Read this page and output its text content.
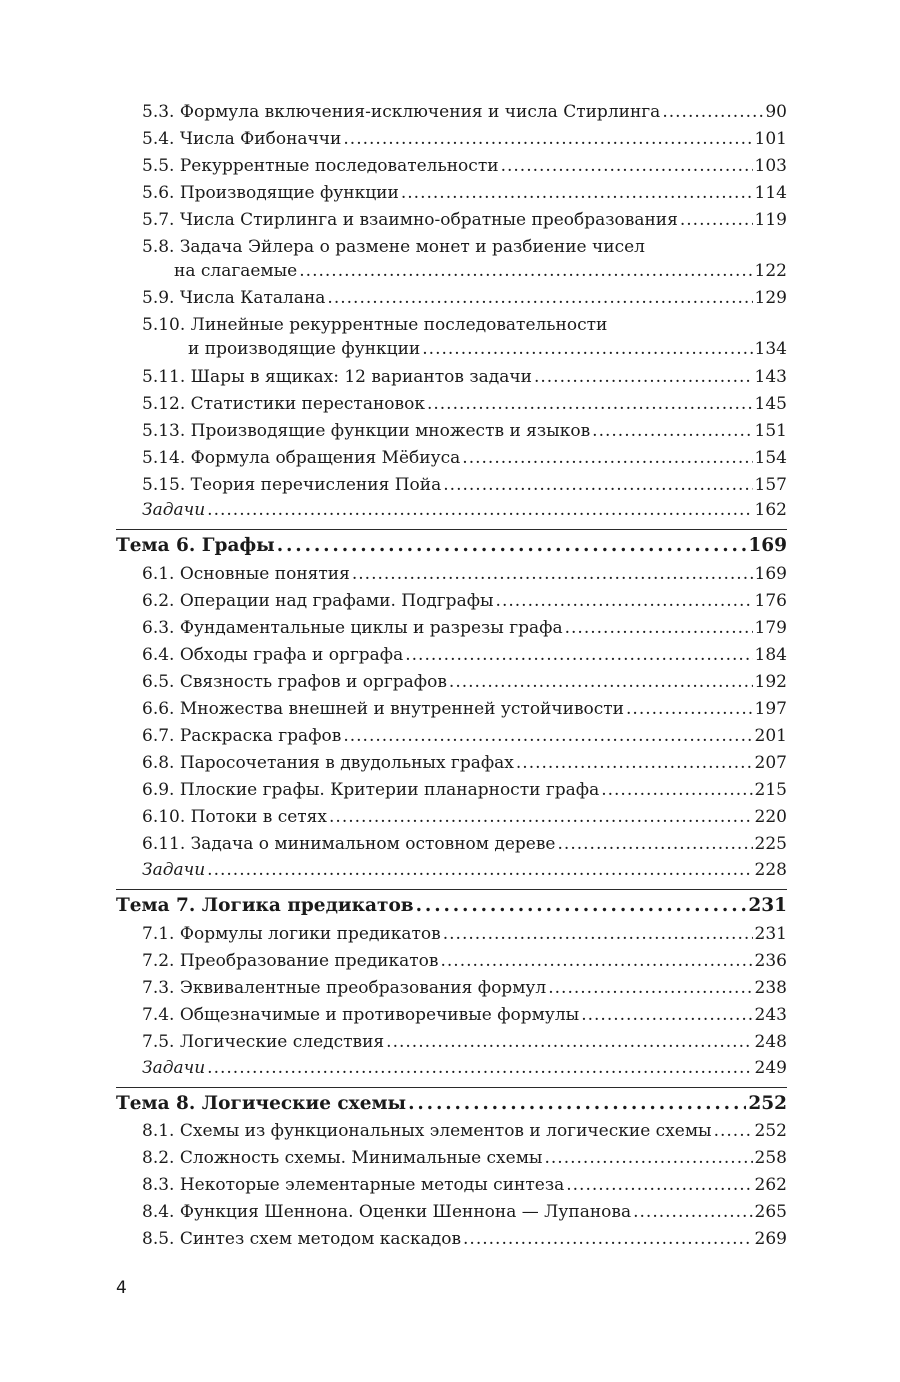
5.3. Формула включения-исключения и числа Стирлинга . . .	90
5.4. Числа Фибоначчи . . .	101
5.5. Рекуррентные последовательности . . .	103
5.6. Производящие функции . . .	114
5.7. Числа Стирлинга и взаимно-обратные преобразования . . .	119
5.8. Задача Эйлера о размене монет и разбиение чисел
на слагаемые . . .	122
5.9. Числа Каталана . . .	129
5.10. Линейные рекуррентные последовательности
и производящие функции . . .	134
5.11. Шары в ящиках: 12 вариантов задачи . . .	143
5.12. Статистики перестановок . . .	145
5.13. Производящие функции множеств и языков . . .	151
5.14. Формула обращения Мёбиуса . . .	154
5.15. Теория перечисления Пойа . . .	157
Задачи . . .	162
Тема 6. Графы . . .	169
6.1. Основные понятия . . .	169
6.2. Операции над графами. Подграфы . . .	176
6.3. Фундаментальные циклы и разрезы графа . . .	179
6.4. Обходы графа и орграфа . . .	184
6.5. Связность графов и орграфов . . .	192
6.6. Множества внешней и внутренней устойчивости . . .	197
6.7. Раскраска графов . . .	201
6.8. Паросочетания в двудольных графах . . .	207
6.9. Плоские графы. Критерии планарности графа . . .	215
6.10. Потоки в сетях . . .	220
6.11. Задача о минимальном остовном дереве . . .	225
Задачи . . .	228
Тема 7. Логика предикатов . . .	231
7.1. Формулы логики предикатов . . .	231
7.2. Преобразование предикатов . . .	236
7.3. Эквивалентные преобразования формул . . .	238
7.4. Общезначимые и противоречивые формулы . . .	243
7.5. Логические следствия . . .	248
Задачи . . .	249
Тема 8. Логические схемы . . .	252
8.1. Схемы из функциональных элементов и логические схемы . . .	252
8.2. Сложность схемы. Минимальные схемы . . .	258
8.3. Некоторые элементарные методы синтеза . . .	262
8.4. Функция Шеннона. Оценки Шеннона — Лупанова . . .	265
8.5. Синтез схем методом каскадов . . .	269
4
